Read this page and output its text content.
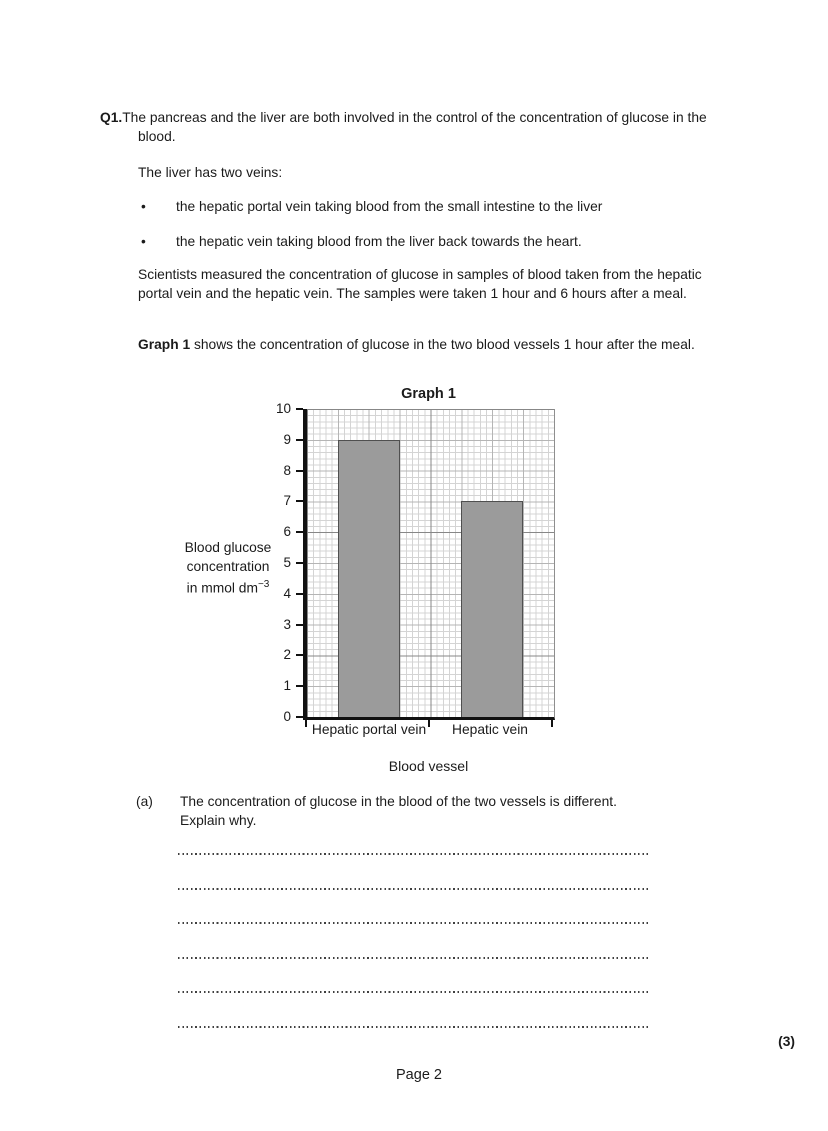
Q1.The pancreas and the liver are both involved in the control of the concentration of glucose in the blood.
The liver has two veins:
• the hepatic portal vein taking blood from the small intestine to the liver
• the hepatic vein taking blood from the liver back towards the heart.
Scientists measured the concentration of glucose in samples of blood taken from the hepatic portal vein and the hepatic vein. The samples were taken 1 hour and 6 hours after a meal.
Graph 1 shows the concentration of glucose in the two blood vessels 1 hour after the meal.
Graph 1
Blood glucose
concentration
in mmol $dm^{-3}$
0
1
2
3
4
5
6
7
8
9
10
Hepatic portal vein	Hepatic vein
Blood vessel
(a) The concentration of glucose in the blood of the two vessels is different.
Explain why.
(3)
Page 2
